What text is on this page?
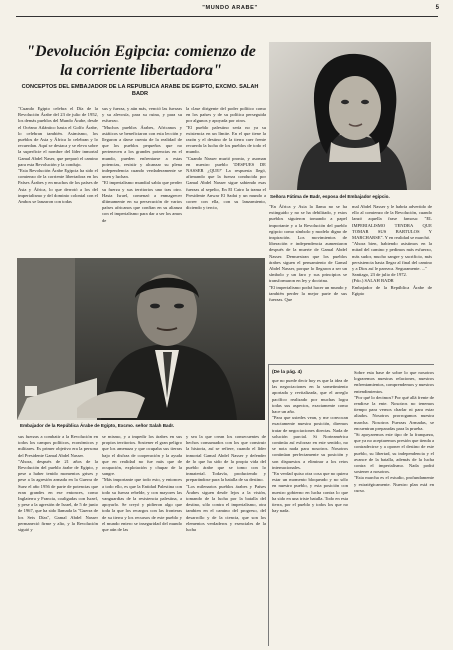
"MUNDO ARABE"	5
"Devolución Egipcia: comienzo de la corriente libertadora"

CONCEPTOS DEL EMBAJADOR DE LA REPUBLICA ARABE DE EGIPTO, EXCMO. SALAH BADR

"Cuando Egipto celebra el Día de la Revolución Árabe del 23 de julio de 1952, los demás pueblos del Mundo Árabe, desde el Océano Atlántico hasta el Golfo Árabe, lo celebran también. Asimismo, los pueblos de Asia y África lo celebran y lo recuerdan. Aquí se destaca y se eleva sobre la superficie el nombre del líder inmortal Gamal Abdel Naser, que preparó el camino para esta Revolución y la condujo.
"Esta Revolución Árabe Egipcia ha sido el comienzo de la corriente libertadora en los Países Árabes y en muchos de los países de Asia y África, lo que derrotó a los del imperialismo y del dominio colonial con el Ambos se lanzaron con todas

sus y fuerza, y aún más, venció las fuerzas y su alevosía, para su ruina, y para su esfuerzo.
"Muchos pueblos Árabes, Africanos y asiáticos se beneficiaron con esta lección y llegaron a darse cuenta de la realidad de que los pueblos pequeños que no pertenecen a los grandes potencias en el mundo, pueden enfrentarse a estas potencias, resistir y alcanzar su plena independencia cuando verdaderamente se unen y luchan.
"El imperialismo mundial sabía que perder su fuerza y sus territorios uno tras otro. Hasta Israel, comenzó a enmagrecer últimamente en su persecución de varios países africanos que confían en su alianza con el imperialismo para dar a ser los amos de

la clase dirigente del poder político como en los países y de su política perseguida por algunos y apoyada por otros.
"El pueblo palestino sería no ya su existencia en un límite. En el que tiene la razón y el destino de la tierra caer frente recuerda la lucha de los pueblos de todo el mundo.
"Cuando Nasser murió pronto, y asoman en nuestro pueblo 'DESPUES DE NASSER ¿QUE?' La respuesta llegó, afirmando que la fuerza conducida por Gamal Abdel Nasser sigue sabiendo esas fuerzas al sepelio, En El Cairo la trama el Presidente Anwar El Sadat y un mundo a correr con ella, con su lanzamiento, diciendo y tercio,

Señora Fátima de Badr, esposa del Embajador egipcio.

"En África y Asia la llama no se ha extinguido y no se ha debilitado, y estos pueblos siguieron tomando a papel importante y a la Revolución del pueblo egipcio como símbolo y modelo digno de inspiración. Los movimientos de liberación e independencia aumentaron después de la muerte de Gamal Abdel Nasser. Demuestran que los pueblos árabes siguen el pensamiento de Gamal Abdel Nasser, porque lo llegaron a ser un símbolo y un faro y sus principios se transformaron en ley y doctrina.
"El imperialismo podrá hacer un mundo y también perder la mejor parte de sus fuerzas. Que

mal Abdel Nasser y le habría advertido de ello al comienzo de la Revolución, cuando lanzó aquella frase famosa: "EL IMPERIALISMO TENDRA QUE TOMAR SUS BARTULOS Y MARCHARSE". Y en realidad se marchó.
"Ahora bien, habiendo asistimos en la mitad del camino y pedimos más esfuerzo, más sudor, mucho sangre y sacrificio, más persistencia hasta llegar al final del camino y a Dios así le parezca. Seguramente. ..."
Santiago, 23 de julio de 1972.
(Fdo.) SALAH BADR
Embajador de la República Árabe de Egipto

Embajador de la República Árabe de Egipto, Excmo. señor Salah Badr.

sus fuerzas a combatir a la Revolución en todos los campos políticos, económicos y militares. Es primer objetivo era la persona del Presidente Gamal Abdel Nasser.
"Ahora, después de 21 años de la Revolución del pueblo árabe de Egipto, y pese a haber tenido momentos grises y pese a la agresión armada en la Guerra de Suez el año 1956 de parte de potencias que eran grandes en ese entonces, como Inglaterra y Francia, coaligadas con Israel, y pese a la agresión de Israel, de 5 de junio de 1967, que ha sido llamada la "Guerra de los Seis Días", Gamal Abdel Nasser permaneció firme y alto, y la Revolución siguió y

se mismo, y a impedir los árabes en sus propios territorios. Sostener el gran peligro que los amenaza y que ocupaba sus tierras bajo el disfraz de cooperación y la ayuda que en realidad no fue más que de ocupación, explotación y chupar de la sangre.
"Más importante que todo esto, y entonces a todo ello, es que la Entidad Palestina con todo su fuerza rebelde, y con mayores las vanguardias de la resistencia palestina, a apoyarlo. Se creyó y pidieron algo que toda la que los recargos con las fronteras de su tierra y los recursos de este pueblo y el mundo entero se inseguridad del mundo que aún de las

y sea la que crean los consecuentes de hechos consumados con los que construir la historia, así se refiere, cuando el líder inmortal Gamal Abdel Nasser y defender de lo que ha sido de la propia vida del pueblo árabe que se tomo con lo inmaterial. Todavía, produciendo y preparándose para la batalla de su destino.
"Los milenarios pueblos árabes y Países Árabes siguen desde lejos a la visión, tomando de la lucha por la batalla del destino, sólo contra el imperialismo, otra tambien en el camino del progreso, del desarrollo y de la ciencia, que son los elementos verdaderos y esenciales de la lucha

(De la pág. 4)

que no puede decir hoy es que la idea de las negociaciones en la sometimiento aportada y revitalizada, que el arreglo pacífico realizado por muchas logra todas sus aspectos, exactamente como hace un año.
"Para que ustedes vean, y me convocan exactamente nuestra posición, diremos tratar de negociaciones directas. Nada de solución parcial. Si Norteamérica continúa así esforzar en este sentido, no se nota nada para nosotros. Nosotros continúan perfectamente su posición y son dispuestos a eliminar a los retos internacionales.
"En verdad quiso otra cosa que no quiera estar un momento bloqueado y no sólo en nuestro pueblo, y esta posición con nuestro gobierno en lucha contra lo que ha sido en una triste batalla. Todo en esta tierra, por el pueblo y todos los que no hay nada.

Sobre esta base de sobre lo que nosotros lograremos nuestras relaciones, nuestros enfrentamientos, comprendemos y nuestros entendimientos.
"Por qué lo decimos? Por qué allá frente de rendirse la ente. Nosotros no tenemos tiempo para vernos charlar ni para estar aliados. Nosotros prorrogamos nuestra marcha. Nosotros Fuerzas Armadas, se encuentran preparadas para la prueba.
"Si apoyaremos este tipo de la franqueza, que ya no aceptaremos presión que tienda a contradecirse y a oponer el destino de este pueblo, su libertad, su independencia y el avance de la batalla, además de la lucha contra el imperialismo. Nada podrá sostener a nosotros.
"Esta marcha es el estudio, profundamente y estratégicamente. Nuestro plan está en curso.
